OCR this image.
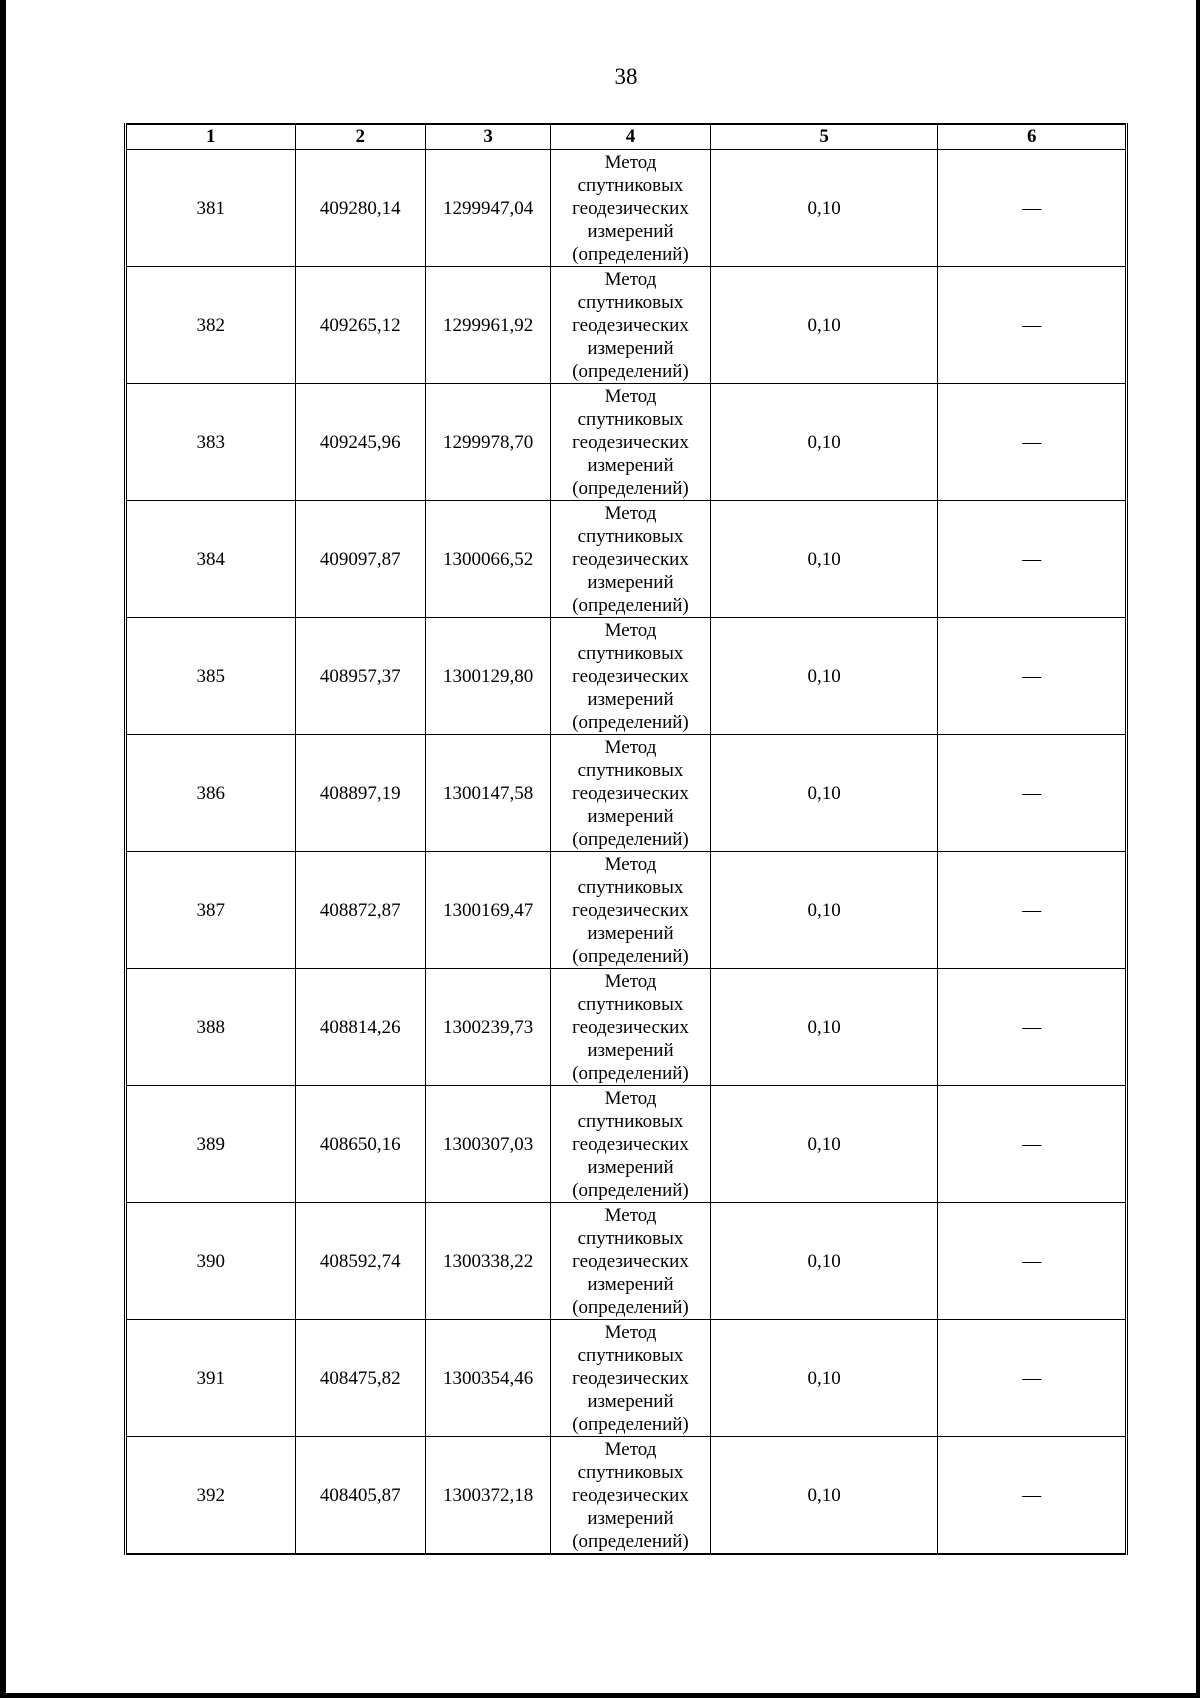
38
1	2	3	4	5	6
381	409280,14	1299947,04	Метод
спутниковых
геодезических
измерений
(определений)	0,10	—
382	409265,12	1299961,92	Метод
спутниковых
геодезических
измерений
(определений)	0,10	—
383	409245,96	1299978,70	Метод
спутниковых
геодезических
измерений
(определений)	0,10	—
384	409097,87	1300066,52	Метод
спутниковых
геодезических
измерений
(определений)	0,10	—
385	408957,37	1300129,80	Метод
спутниковых
геодезических
измерений
(определений)	0,10	—
386	408897,19	1300147,58	Метод
спутниковых
геодезических
измерений
(определений)	0,10	—
387	408872,87	1300169,47	Метод
спутниковых
геодезических
измерений
(определений)	0,10	—
388	408814,26	1300239,73	Метод
спутниковых
геодезических
измерений
(определений)	0,10	—
389	408650,16	1300307,03	Метод
спутниковых
геодезических
измерений
(определений)	0,10	—
390	408592,74	1300338,22	Метод
спутниковых
геодезических
измерений
(определений)	0,10	—
391	408475,82	1300354,46	Метод
спутниковых
геодезических
измерений
(определений)	0,10	—
392	408405,87	1300372,18	Метод
спутниковых
геодезических
измерений
(определений)	0,10	—
